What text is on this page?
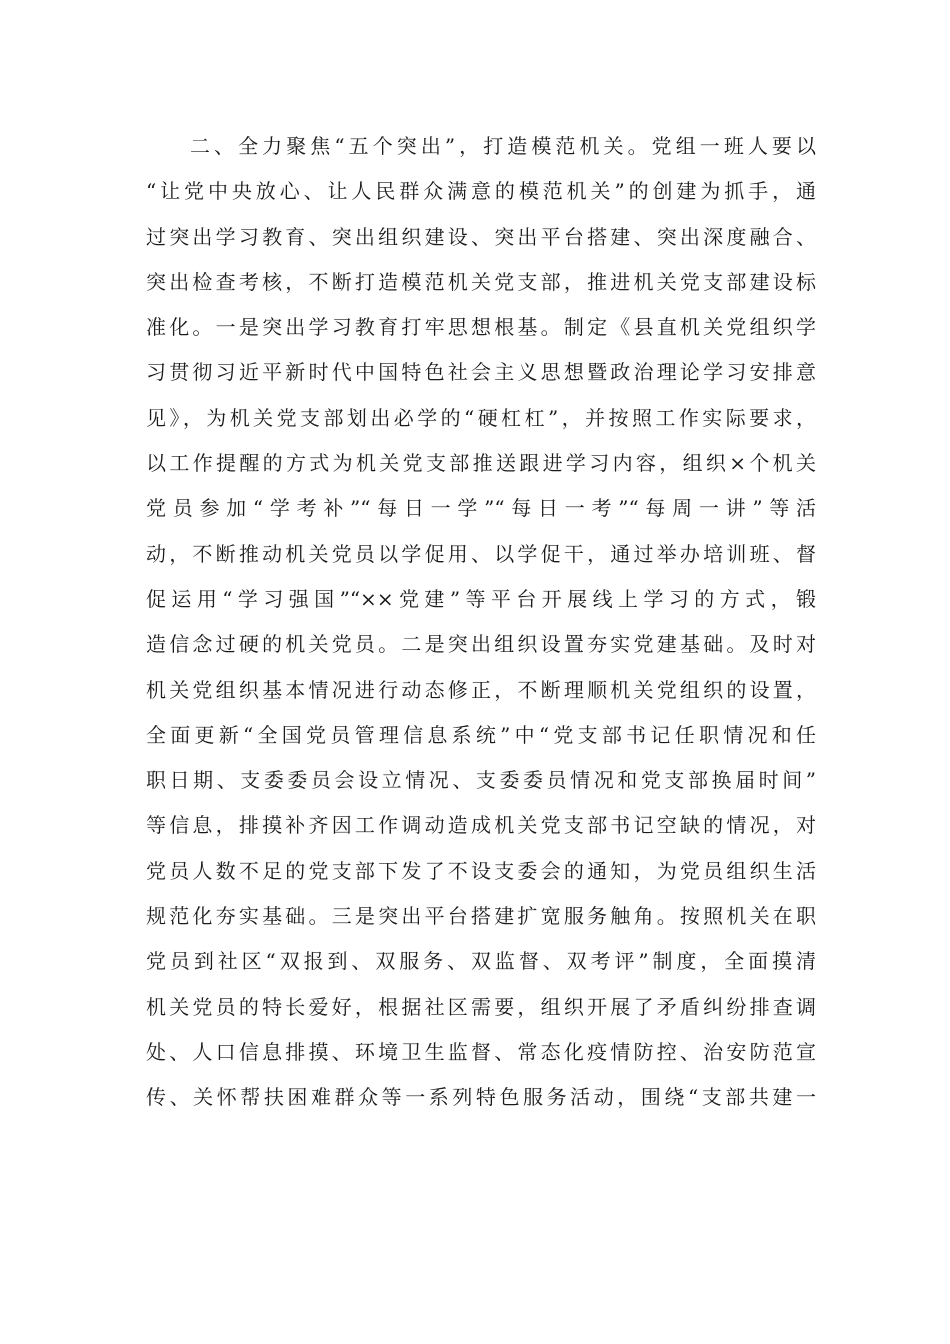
二、全力聚焦“五个突出”，打造模范机关。党组一班人要以
“让党中央放心、让人民群众满意的模范机关”的创建为抓手，通
过突出学习教育、突出组织建设、突出平台搭建、突出深度融合、
突出检查考核，不断打造模范机关党支部，推进机关党支部建设标
准化。一是突出学习教育打牢思想根基。制定《县直机关党组织学
习贯彻习近平新时代中国特色社会主义思想暨政治理论学习安排意
见》，为机关党支部划出必学的“硬杠杠”，并按照工作实际要求，
以工作提醒的方式为机关党支部推送跟进学习内容，组织×个机关
党员参加“学考补”“每日一学”“每日一考”“每周一讲”等活
动，不断推动机关党员以学促用、以学促干，通过举办培训班、督
促运用“学习强国”“××党建”等平台开展线上学习的方式，锻
造信念过硬的机关党员。二是突出组织设置夯实党建基础。及时对
机关党组织基本情况进行动态修正，不断理顺机关党组织的设置，
全面更新“全国党员管理信息系统”中“党支部书记任职情况和任
职日期、支委委员会设立情况、支委委员情况和党支部换届时间”
等信息，排摸补齐因工作调动造成机关党支部书记空缺的情况，对
党员人数不足的党支部下发了不设支委会的通知，为党员组织生活
规范化夯实基础。三是突出平台搭建扩宽服务触角。按照机关在职
党员到社区“双报到、双服务、双监督、双考评”制度，全面摸清
机关党员的特长爱好，根据社区需要，组织开展了矛盾纠纷排查调
处、人口信息排摸、环境卫生监督、常态化疫情防控、治安防范宣
传、关怀帮扶困难群众等一系列特色服务活动，围绕“支部共建一
